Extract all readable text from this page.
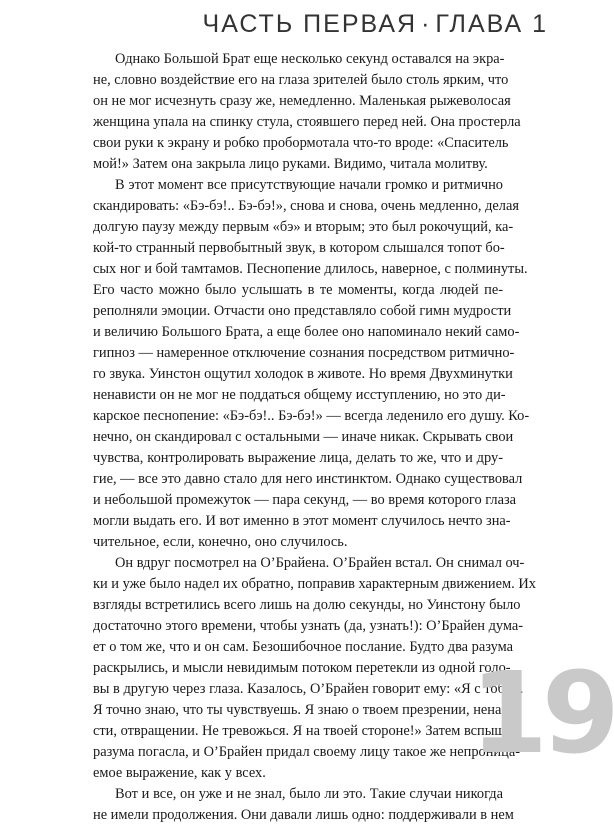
ЧАСТЬ ПЕРВАЯ · ГЛАВА 1
Однако Большой Брат еще несколько секунд оставался на экра-
не, словно воздействие его на глаза зрителей было столь ярким, что
он не мог исчезнуть сразу же, немедленно. Маленькая рыжеволосая
женщина упала на спинку стула, стоявшего перед ней. Она простерла
свои руки к экрану и робко пробормотала что-то вроде: «Спаситель
мой!» Затем она закрыла лицо руками. Видимо, читала молитву.
В этот момент все присутствующие начали громко и ритмично
скандировать: «Бэ-бэ!.. Бэ-бэ!», снова и снова, очень медленно, делая
долгую паузу между первым «бэ» и вторым; это был рокочущий, ка-
кой-то странный первобытный звук, в котором слышался топот бо-
сых ног и бой тамтамов. Песнопение длилось, наверное, с полминуты.
Его часто можно было услышать в те моменты, когда людей пе-
реполняли эмоции. Отчасти оно представляло собой гимн мудрости
и величию Большого Брата, а еще более оно напоминало некий само-
гипноз — намеренное отключение сознания посредством ритмично-
го звука. Уинстон ощутил холодок в животе. Но время Двухминутки
ненависти он не мог не поддаться общему исступлению, но это ди-
карское песнопение: «Бэ-бэ!.. Бэ-бэ!» — всегда леденило его душу. Ко-
нечно, он скандировал с остальными — иначе никак. Скрывать свои
чувства, контролировать выражение лица, делать то же, что и дру-
гие, — все это давно стало для него инстинктом. Однако существовал
и небольшой промежуток — пара секунд, — во время которого глаза
могли выдать его. И вот именно в этот момент случилось нечто зна-
чительное, если, конечно, оно случилось.
Он вдруг посмотрел на О’Брайена. О’Брайен встал. Он снимал оч-
ки и уже было надел их обратно, поправив характерным движением. Их
взгляды встретились всего лишь на долю секунды, но Уинстону было
достаточно этого времени, чтобы узнать (да, узнать!): О’Брайен дума-
ет о том же, что и он сам. Безошибочное послание. Будто два разума
раскрылись, и мысли невидимым потоком перетекли из одной голо-
вы в другую через глаза. Казалось, О’Брайен говорит ему: «Я с тобой.
Я точно знаю, что ты чувствуешь. Я знаю о твоем презрении, ненави-
сти, отвращении. Не тревожься. Я на твоей стороне!» Затем вспышка
разума погасла, и О’Брайен придал своему лицу такое же непроница-
емое выражение, как у всех.
Вот и все, он уже и не знал, было ли это. Такие случаи никогда
не имели продолжения. Они давали лишь одно: поддерживали в нем
19
